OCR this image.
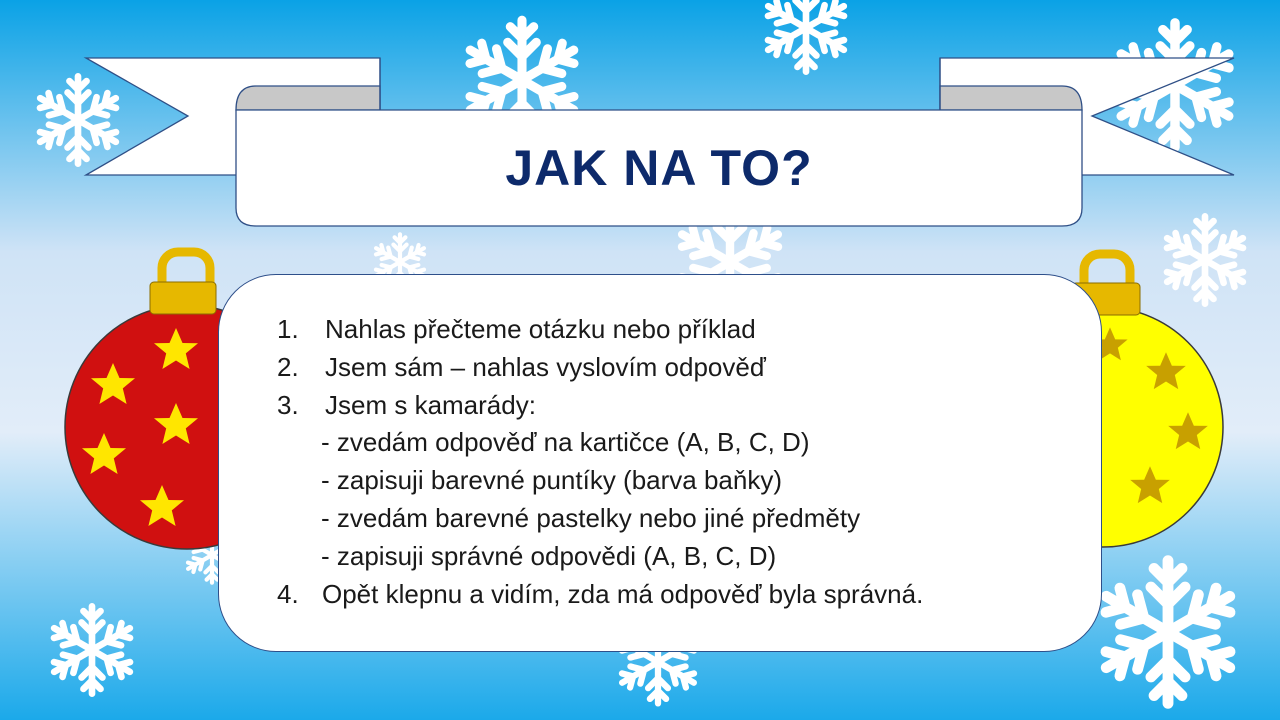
JAK NA TO?
1. Nahlas přečteme otázku nebo příklad
2. Jsem sám – nahlas vyslovím odpověď
3. Jsem s kamarády:
- zvedám odpověď na kartičce (A, B, C, D)
- zapisuji barevné puntíky (barva baňky)
- zvedám barevné pastelky nebo jiné předměty
- zapisuji správné odpovědi (A, B, C, D)
4. Opět klepnu a vidím, zda má odpověď byla správná.
